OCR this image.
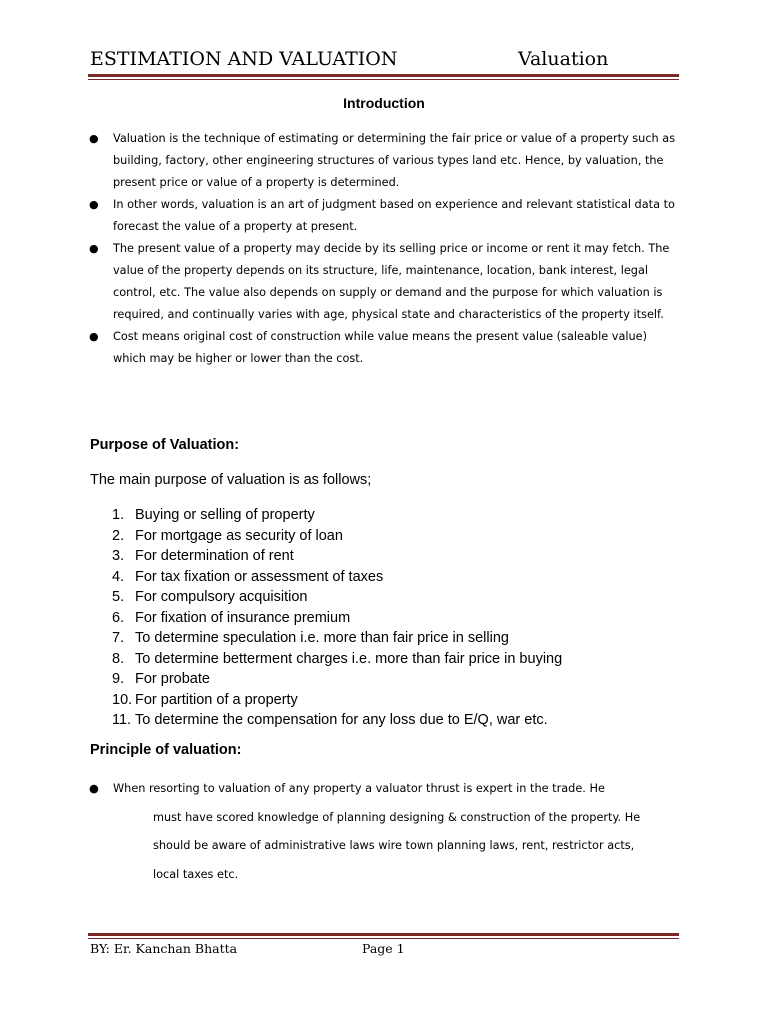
ESTIMATION AND VALUATION	Valuation
Introduction
● Valuation is the technique of estimating or determining the fair price or value of a property such as building, factory, other engineering structures of various types land etc. Hence, by valuation, the present price or value of a property is determined.
● In other words, valuation is an art of judgment based on experience and relevant statistical data to forecast the value of a property at present.
● The present value of a property may decide by its selling price or income or rent it may fetch. The value of the property depends on its structure, life, maintenance, location, bank interest, legal control, etc. The value also depends on supply or demand and the purpose for which valuation is required, and continually varies with age, physical state and characteristics of the property itself.
● Cost means original cost of construction while value means the present value (saleable value) which may be higher or lower than the cost.
Purpose of Valuation:
The main purpose of valuation is as follows;
1. Buying or selling of property
2. For mortgage as security of loan
3. For determination of rent
4. For tax fixation or assessment of taxes
5. For compulsory acquisition
6. For fixation of insurance premium
7. To determine speculation i.e. more than fair price in selling
8. To determine betterment charges i.e. more than fair price in buying
9. For probate
10. For partition of a property
11. To determine the compensation for any loss due to E/Q, war etc.
Principle of valuation:
● When resorting to valuation of any property a valuator thrust is expert in the trade. He
must have scored knowledge of planning designing & construction of the property. He
should be aware of administrative laws wire town planning laws, rent, restrictor acts,
local taxes etc.
BY: Er. Kanchan Bhatta	Page 1
